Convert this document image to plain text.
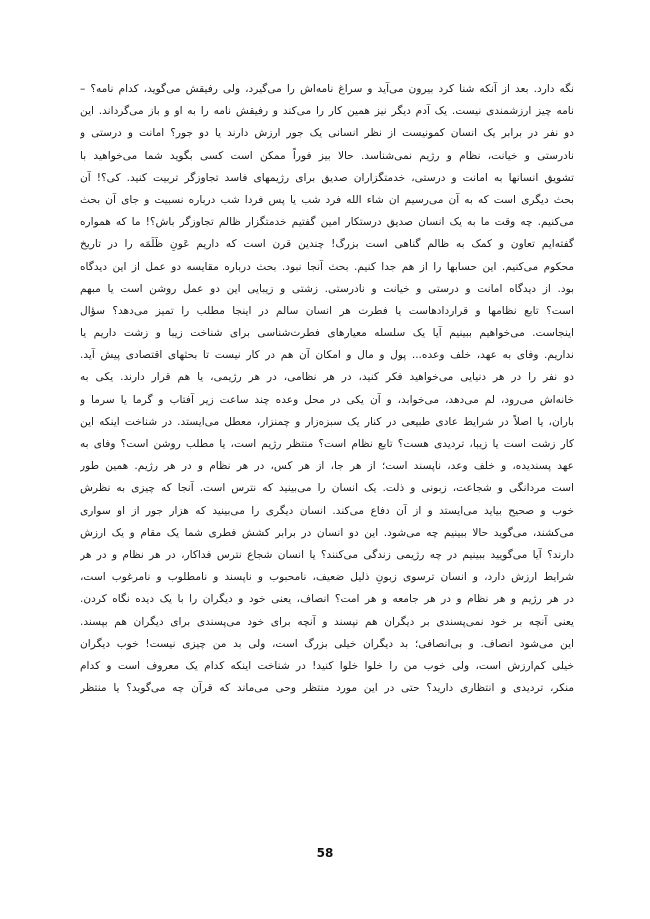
نگه دارد. بعد از آنکه شنا کرد بیرون می‌آید و سراغ نامه‌اش را می‌گیرد، ولی رفیقش می‌گوید، کدام نامه؟ –
نامه چیز ارزشمندی نیست. یک آدم دیگر نیز همین کار را می‌کند و رفیقش نامه را به او و باز می‌گرداند. این
دو نفر در برابر یک انسان کمونیست از نظر انسانی یک جور ارزش دارند یا دو جور؟ امانت و درستی و
نادرستی و خیانت، نظام و رژیم نمی‌شناسد. حالا بیز فوراً ممکن است کسی بگوید شما می‌خواهید با
تشویق انسانها به امانت و درستی، خدمتگزاران صدیق برای رژیمهای فاسد تجاوزگر تربیت کنید. کی؟! آن
بحث دیگری است که به آن می‌رسیم ان شاء الله فرد شب یا پس فردا شب درباره نسبیت و جای آن بحث
می‌کنیم. چه وقت ما به یک انسان صدیق درستکار امین گفتیم خدمتگزار ظالم تجاوزگر باش؟! ما که همواره
گفته‌ایم تعاون و کمک به ظالم گناهی است بزرگ! چندین قرن است که داریم عَونِ ظَلَمَه را در تاریخ
محکوم می‌کنیم. این حسابها را از هم جدا کنیم. بحث آنجا نبود. بحث درباره مقایسه دو عمل از این دیدگاه
بود. از دیدگاه امانت و درستی و خیانت و نادرستی. زشتی و زیبایی این دو عمل روشن است یا مبهم
است؟ تابع نظامها و قراردادهاست یا فطرت هر انسان سالم در اینجا مطلب را تمیز می‌دهد؟ سؤال
اینجاست. می‌خواهیم ببینیم آیا یک سلسله معیارهای فطرت‌شناسی برای شناخت زیبا و زشت داریم یا
نداریم. وفای به عهد، خلف وعده... پول و مال و امکان آن هم در کار نیست تا بحثهای اقتصادی پیش آید.
دو نفر را در هر دنیایی می‌خواهید فکر کنید، در هر نظامی، در هر رژیمی، یا هم قرار دارند. یکی به
خانه‌اش می‌رود، لم می‌دهد، می‌خوابد، و آن یکی در محل وعده چند ساعت زیر آفتاب و گرما یا سرما و
باران، یا اصلاً در شرایط عادی طبیعی در کنار یک سبزه‌زار و چمنزار، معطل می‌ایستد. در شناخت اینکه این
کار زشت است یا زیبا، تردیدی هست؟ تابع نظام است؟ منتظر رژیم است، یا مطلب روشن است؟ وفای به
عهد پسندیده، و خلف وعد، ناپسند است؛ از هر جا، از هر کس، در هر نظام و در هر رژیم. همین طور
است مردانگی و شجاعت، زبونی و ذلت. یک انسان را می‌بینید که نترس است. آنجا که چیزی به نظرش
خوب و صحیح بیاید می‌ایستد و از آن دفاع می‌کند. انسان دیگری را می‌بینید که هزار جور از او سواری
می‌کشند، می‌گوید حالا ببینیم چه می‌شود. این دو انسان در برابر کشش فطری شما یک مقام و یک ارزش
دارند؟ آیا می‌گویید ببینیم در چه رژیمی زندگی می‌کنند؟ یا انسان شجاع نترس فداکار، در هر نظام و در هر
شرایط ارزش دارد، و انسان ترسوی زبونِ ذلیل ضعیف، نامحبوب و ناپسند و نامطلوب و نامرغوب است،
در هر رژیم و هر نظام و در هر جامعه و هر امت؟ انصاف، یعنی خود و دیگران را با یک دیده نگاه کردن.
یعنی آنچه بر خود نمی‌پسندی بر دیگران هم نپسند و آنچه برای خود می‌پسندی برای دیگران هم بپسند.
این می‌شود انصاف. و بی‌انصافی؛ بد دیگران خیلی بزرگ است، ولی بد من چیزی نیست! خوب دیگران
خیلی کم‌ارزش است، ولی خوب من را خلوا خلوا کنید! در شناخت اینکه کدام یک معروف است و کدام
منکر، تردیدی و انتظاری دارید؟ حتی در این مورد منتظر وحی می‌ماند که قرآن چه می‌گوید؟ یا منتظر
58
